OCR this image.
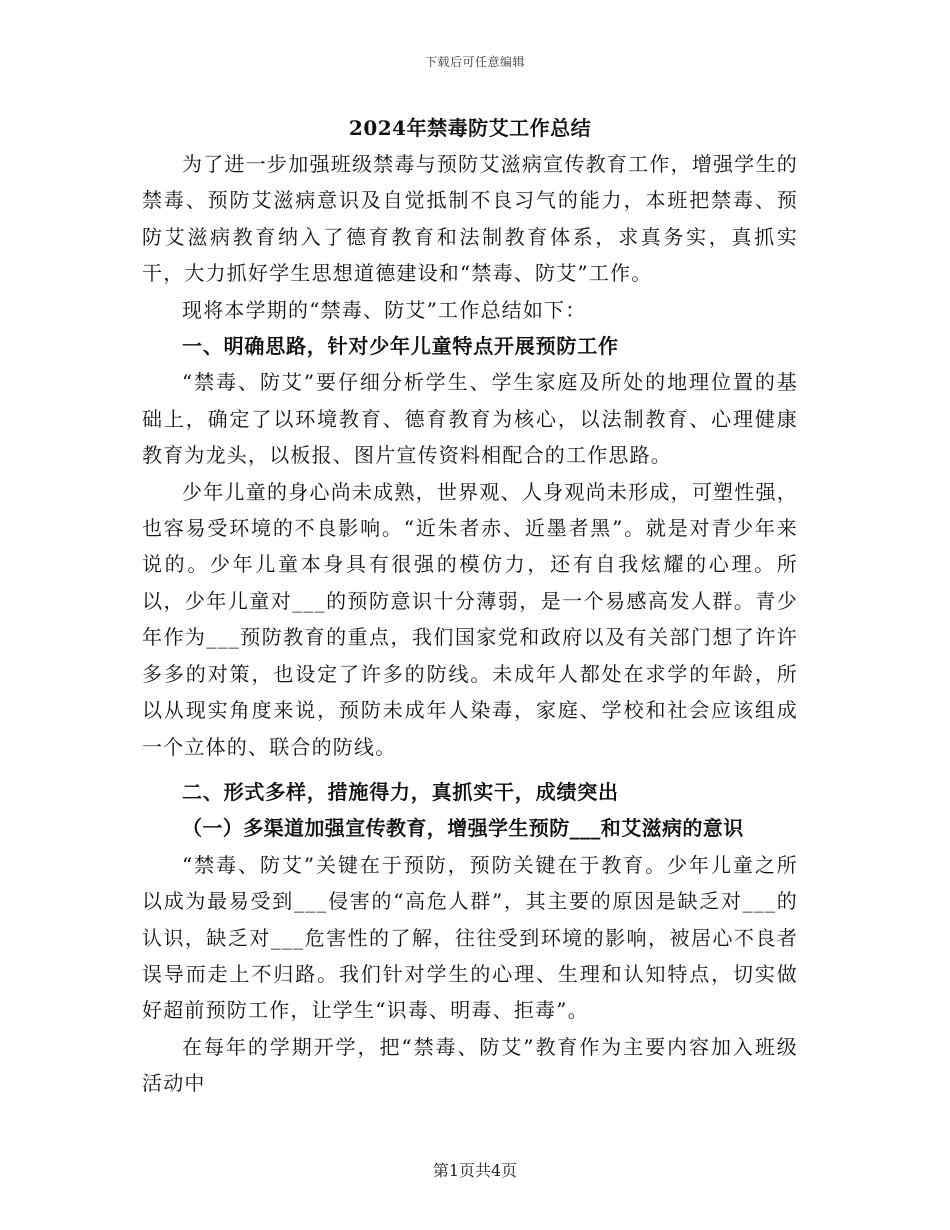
下载后可任意编辑
2024年禁毒防艾工作总结

为了进一步加强班级禁毒与预防艾滋病宣传教育工作，增强学生的禁毒、预防艾滋病意识及自觉抵制不良习气的能力，本班把禁毒、预防艾滋病教育纳入了德育教育和法制教育体系，求真务实，真抓实干，大力抓好学生思想道德建设和“禁毒、防艾”工作。

现将本学期的“禁毒、防艾”工作总结如下：

一、明确思路，针对少年儿童特点开展预防工作

“禁毒、防艾”要仔细分析学生、学生家庭及所处的地理位置的基础上，确定了以环境教育、德育教育为核心，以法制教育、心理健康教育为龙头，以板报、图片宣传资料相配合的工作思路。

少年儿童的身心尚未成熟，世界观、人身观尚未形成，可塑性强，也容易受环境的不良影响。“近朱者赤、近墨者黑”。就是对青少年来说的。少年儿童本身具有很强的模仿力，还有自我炫耀的心理。所以，少年儿童对___的预防意识十分薄弱，是一个易感高发人群。青少年作为___预防教育的重点，我们国家党和政府以及有关部门想了许许多多的对策，也设定了许多的防线。未成年人都处在求学的年龄，所以从现实角度来说，预防未成年人染毒，家庭、学校和社会应该组成一个立体的、联合的防线。

二、形式多样，措施得力，真抓实干，成绩突出

（一）多渠道加强宣传教育，增强学生预防___和艾滋病的意识

“禁毒、防艾”关键在于预防，预防关键在于教育。少年儿童之所以成为最易受到___侵害的“高危人群”，其主要的原因是缺乏对___的认识，缺乏对___危害性的了解，往往受到环境的影响，被居心不良者误导而走上不归路。我们针对学生的心理、生理和认知特点，切实做好超前预防工作，让学生“识毒、明毒、拒毒”。

在每年的学期开学，把“禁毒、防艾”教育作为主要内容加入班级活动中

第1页共4页
